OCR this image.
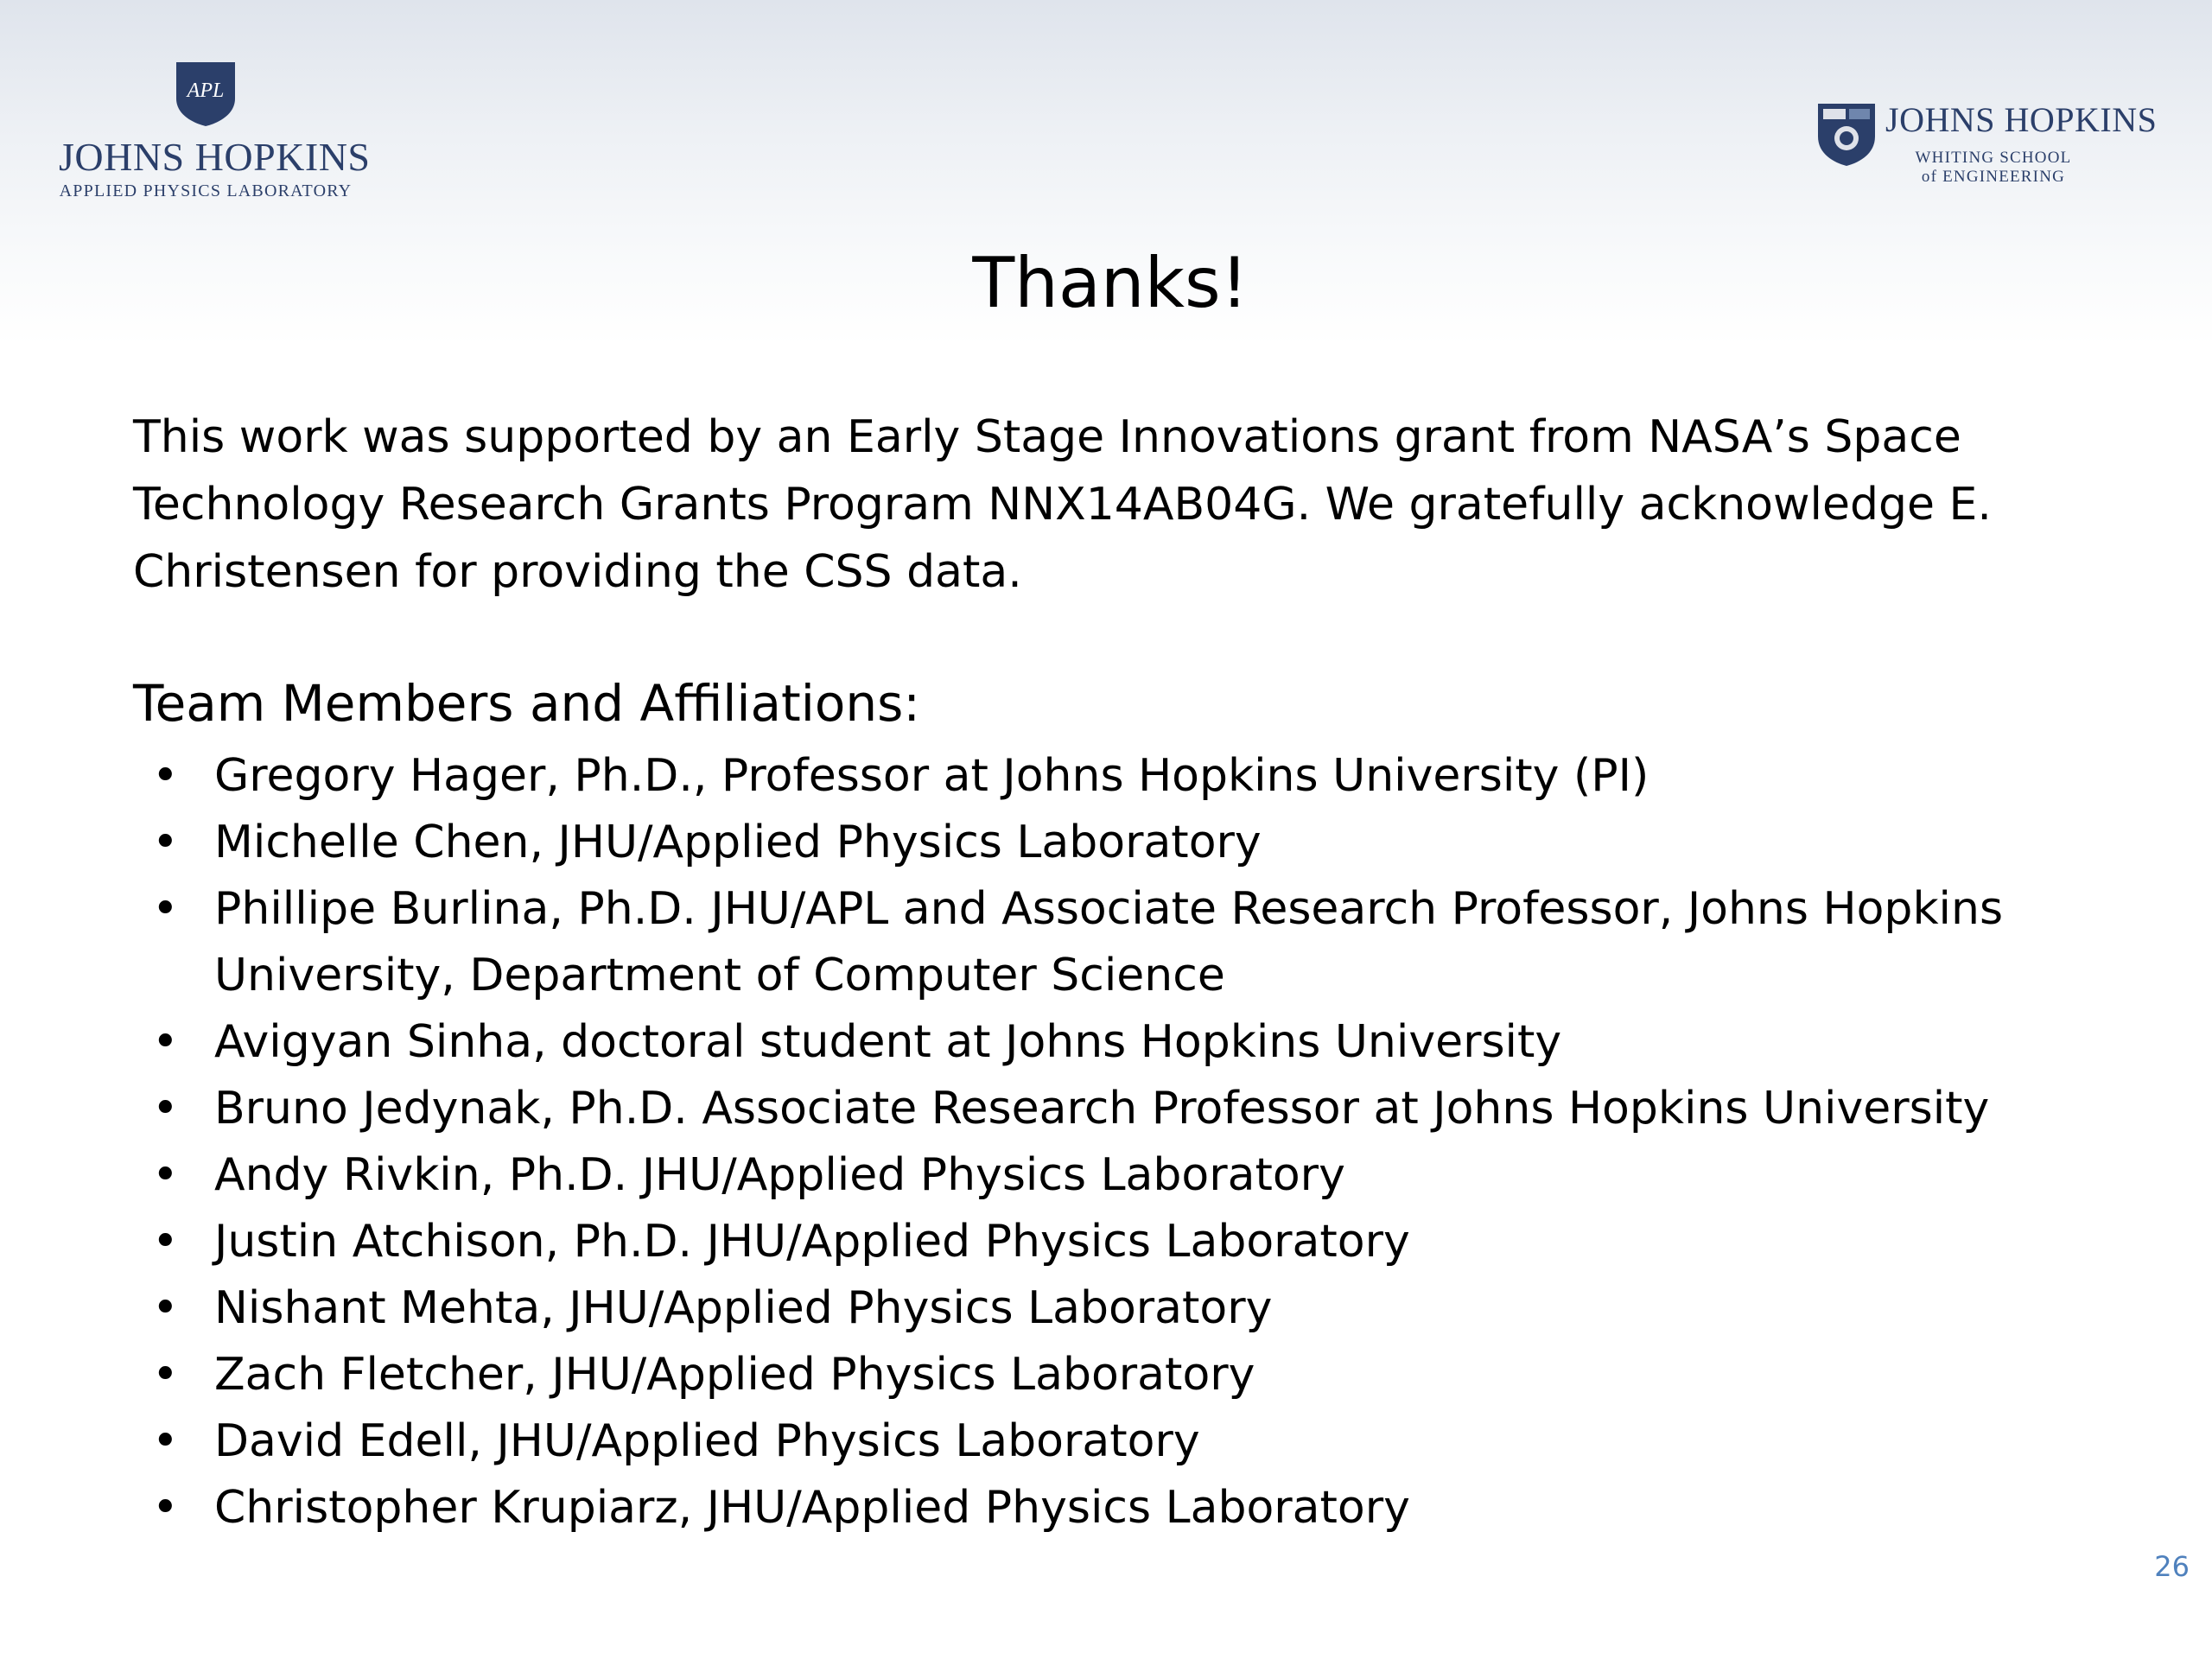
APL
JOHNS HOPKINS
APPLIED PHYSICS LABORATORY
JOHNS HOPKINS
WHITING SCHOOL
of ENGINEERING
Thanks!
This work was supported by an Early Stage Innovations grant from NASA’s Space
Technology Research Grants Program NNX14AB04G. We gratefully acknowledge E.
Christensen for providing the CSS data.
Team Members and Affiliations:
• Gregory Hager, Ph.D., Professor at Johns Hopkins University (PI)
• Michelle Chen, JHU/Applied Physics Laboratory
• Phillipe Burlina, Ph.D. JHU/APL and Associate Research Professor, Johns Hopkins
University, Department of Computer Science
• Avigyan Sinha, doctoral student at Johns Hopkins University
• Bruno Jedynak, Ph.D. Associate Research Professor at Johns Hopkins University
• Andy Rivkin, Ph.D. JHU/Applied Physics Laboratory
• Justin Atchison, Ph.D. JHU/Applied Physics Laboratory
• Nishant Mehta, JHU/Applied Physics Laboratory
• Zach Fletcher, JHU/Applied Physics Laboratory
• David Edell, JHU/Applied Physics Laboratory
• Christopher Krupiarz, JHU/Applied Physics Laboratory
26
